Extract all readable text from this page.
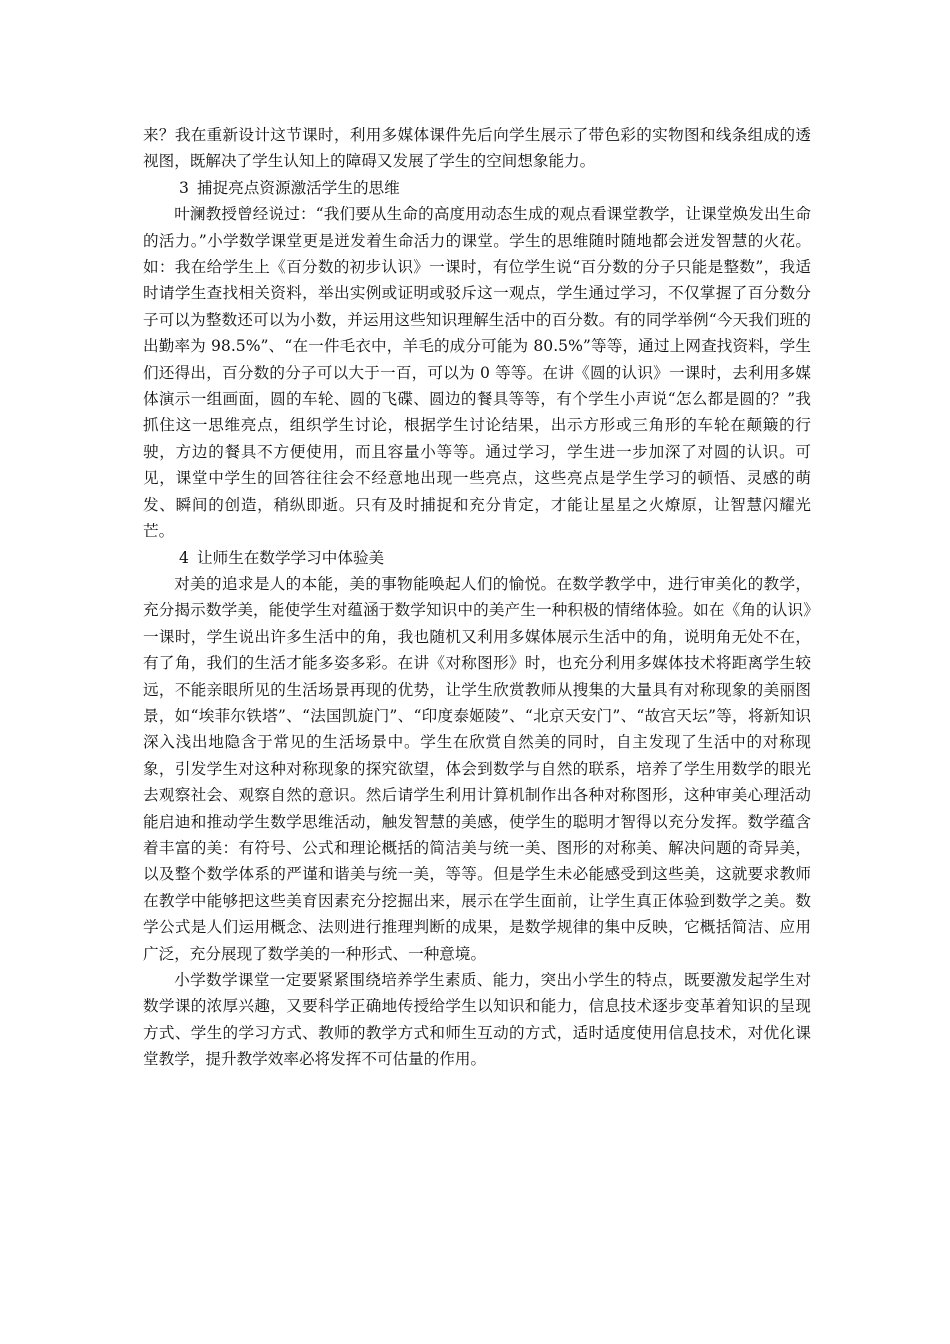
来？我在重新设计这节课时，利用多媒体课件先后向学生展示了带色彩的实物图和线条组成的透视图，既解决了学生认知上的障碍又发展了学生的空间想象能力。

3 捕捉亮点资源激活学生的思维

叶澜教授曾经说过：“我们要从生命的高度用动态生成的观点看课堂教学，让课堂焕发出生命的活力。”小学数学课堂更是迸发着生命活力的课堂。学生的思维随时随地都会迸发智慧的火花。如：我在给学生上《百分数的初步认识》一课时，有位学生说“百分数的分子只能是整数”，我适时请学生查找相关资料，举出实例或证明或驳斥这一观点，学生通过学习，不仅掌握了百分数分子可以为整数还可以为小数，并运用这些知识理解生活中的百分数。有的同学举例“今天我们班的出勤率为 98.5%”、“在一件毛衣中，羊毛的成分可能为 80.5%”等等，通过上网查找资料，学生们还得出，百分数的分子可以大于一百，可以为 0 等等。在讲《圆的认识》一课时，去利用多媒体演示一组画面，圆的车轮、圆的飞碟、圆边的餐具等等，有个学生小声说“怎么都是圆的？”我抓住这一思维亮点，组织学生讨论，根据学生讨论结果，出示方形或三角形的车轮在颠簸的行驶，方边的餐具不方便使用，而且容量小等等。通过学习，学生进一步加深了对圆的认识。可见，课堂中学生的回答往往会不经意地出现一些亮点，这些亮点是学生学习的顿悟、灵感的萌发、瞬间的创造，稍纵即逝。只有及时捕捉和充分肯定，才能让星星之火燎原，让智慧闪耀光芒。

4 让师生在数学学习中体验美

对美的追求是人的本能，美的事物能唤起人们的愉悦。在数学教学中，进行审美化的教学，充分揭示数学美，能使学生对蕴涵于数学知识中的美产生一种积极的情绪体验。如在《角的认识》一课时，学生说出许多生活中的角，我也随机又利用多媒体展示生活中的角，说明角无处不在，有了角，我们的生活才能多姿多彩。在讲《对称图形》时，也充分利用多媒体技术将距离学生较远，不能亲眼所见的生活场景再现的优势，让学生欣赏教师从搜集的大量具有对称现象的美丽图景，如“埃菲尔铁塔”、“法国凯旋门”、“印度泰姬陵”、“北京天安门”、“故宫天坛”等，将新知识深入浅出地隐含于常见的生活场景中。学生在欣赏自然美的同时，自主发现了生活中的对称现象，引发学生对这种对称现象的探究欲望，体会到数学与自然的联系，培养了学生用数学的眼光去观察社会、观察自然的意识。然后请学生利用计算机制作出各种对称图形，这种审美心理活动能启迪和推动学生数学思维活动，触发智慧的美感，使学生的聪明才智得以充分发挥。数学蕴含着丰富的美：有符号、公式和理论概括的简洁美与统一美、图形的对称美、解决问题的奇异美，以及整个数学体系的严谨和谐美与统一美，等等。但是学生未必能感受到这些美，这就要求教师在教学中能够把这些美育因素充分挖掘出来，展示在学生面前，让学生真正体验到数学之美。数学公式是人们运用概念、法则进行推理判断的成果，是数学规律的集中反映，它概括简洁、应用广泛，充分展现了数学美的一种形式、一种意境。

小学数学课堂一定要紧紧围绕培养学生素质、能力，突出小学生的特点，既要激发起学生对数学课的浓厚兴趣，又要科学正确地传授给学生以知识和能力，信息技术逐步变革着知识的呈现方式、学生的学习方式、教师的教学方式和师生互动的方式，适时适度使用信息技术，对优化课堂教学，提升教学效率必将发挥不可估量的作用。
